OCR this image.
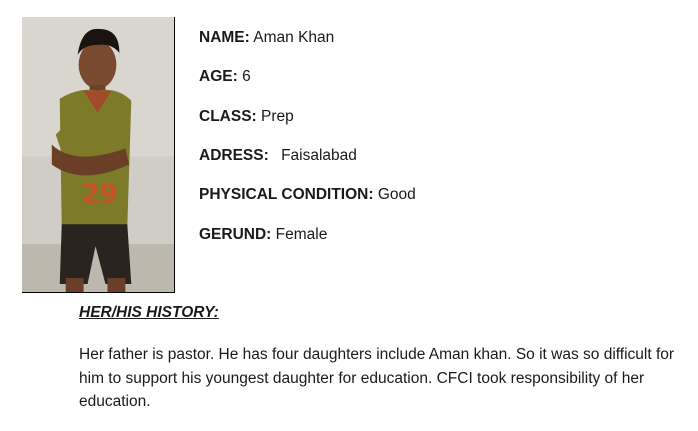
29
NAME: Aman Khan
AGE: 6
CLASS: Prep
ADRESS: Faisalabad
PHYSICAL CONDITION: Good
GERUND: Female
HER/HIS HISTORY:
Her father is pastor. He has four daughters include Aman khan. So it was so difficult for him to support his youngest daughter for education. CFCI took responsibility of her education.
